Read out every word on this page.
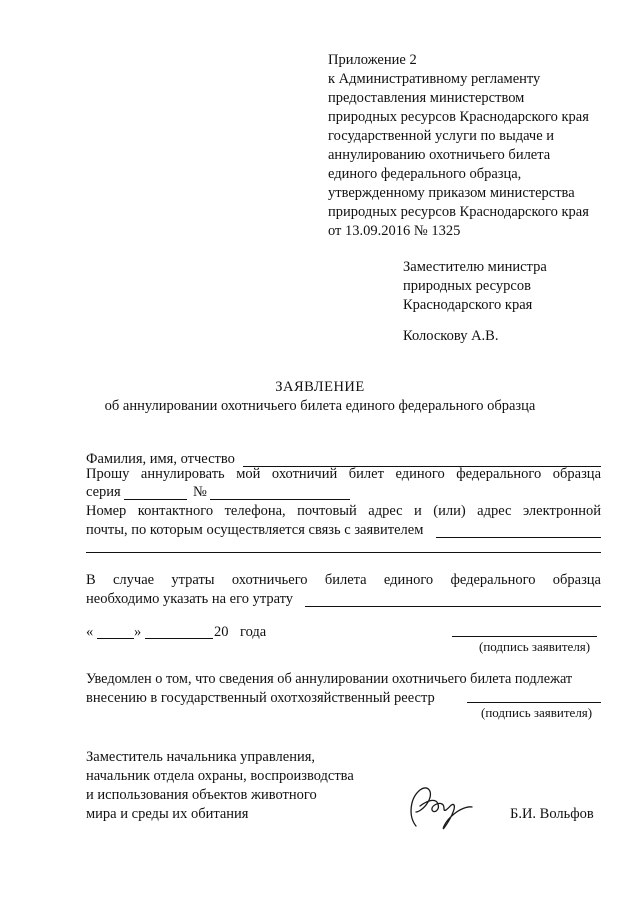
Приложение 2
к Административному регламенту
предоставления министерством
природных ресурсов Краснодарского края
государственной услуги по выдаче и
аннулированию охотничьего билета
единого федерального образца,
утвержденному приказом министерства
природных ресурсов Краснодарского края
от 13.09.2016 № 1325
Заместителю министра
природных ресурсов
Краснодарского края
Колоскову А.В.
ЗАЯВЛЕНИЕ
об аннулировании охотничьего билета единого федерального образца
Фамилия, имя, отчество
Прошу аннулировать мой охотничий билет единого федерального образца
серия	№
Номер контактного телефона, почтовый адрес и (или) адрес электронной
почты, по которым осуществляется связь с заявителем
В случае утраты охотничьего билета единого федерального образца
необходимо указать на его утрату
«	»	20 года
(подпись заявителя)
Уведомлен о том, что сведения об аннулировании охотничьего билета подлежат
внесению в государственный охотхозяйственный реестр
(подпись заявителя)
Заместитель начальника управления,
начальник отдела охраны, воспроизводства
и использования объектов животного
мира и среды их обитания	Б.И. Вольфов
